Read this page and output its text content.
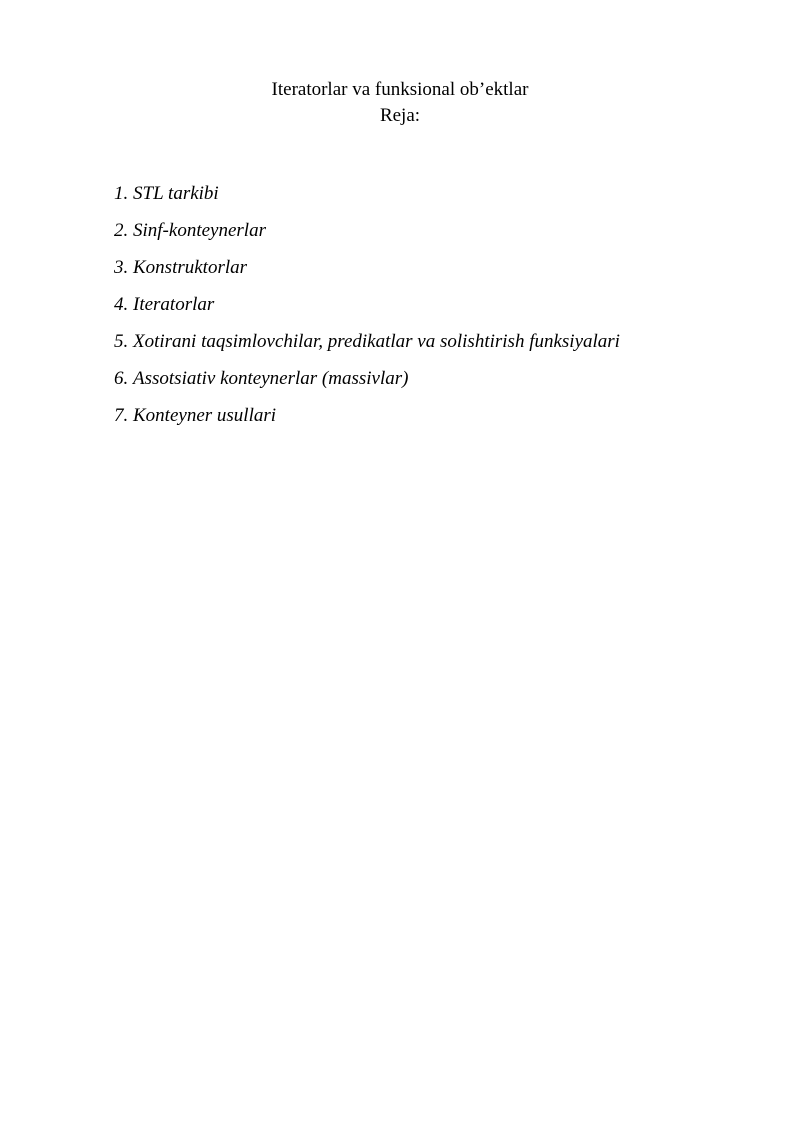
Iteratorlar va funksional ob’ektlar
Reja:
1. STL tarkibi
2. Sinf-konteynerlar
3. Konstruktorlar
4. Iteratorlar
5. Xotirani taqsimlovchilar, predikatlar va solishtirish funksiyalari
6. Assotsiativ konteynerlar (massivlar)
7. Konteyner usullari
